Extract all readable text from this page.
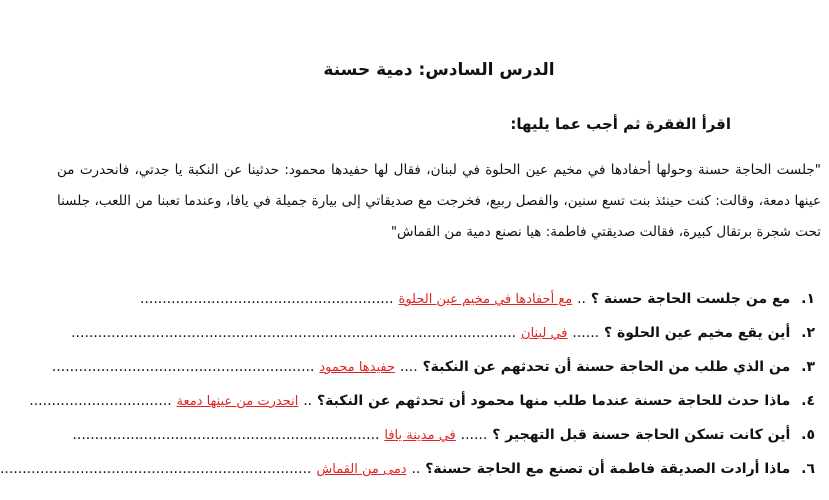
الدرس السادس: دمية حسنة
اقرأ الفقرة ثم أجب عما يليها:

"جلست الحاجة حسنة وحولها أحفادها في مخيم عين الحلوة في لبنان، فقال لها حفيدها محمود: حدثينا عن النكبة يا جدتي، فانحدرت من عينها دمعة، وقالت: كنت حينئذ بنت تسع سنين، والفصل ربيع، فخرجت مع صديقاتي إلى بيارة جميلة في يافا، وعندما تعبنا من اللعب، جلسنا تحت شجرة برتقال كبيرة، فقالت صديقتي فاطمة: هيا نصنع دمية من القماش"

١. مع من جلست الحاجة حسنة ؟ .. مع أحفادها في مخيم عين الحلوة .........................................................
٢. أين يقع مخيم عين الحلوة ؟ ...... في لبنان ....................................................................................................
٣. من الذي طلب من الحاجة حسنة أن تحدثهم عن النكبة؟ .... حفيدها محمود ...........................................................
٤. ماذا حدث للحاجة حسنة عندما طلب منها محمود أن تحدثهم عن النكبة؟ .. انحدرت من عينها دمعة ................................
٥. أين كانت تسكن الحاجة حسنة قبل التهجير ؟ ...... في مدينة يافا .....................................................................
٦. ماذا أرادت الصديقة فاطمة أن تصنع مع الحاجة حسنة؟ .. دمى من القماش ......................................................................
